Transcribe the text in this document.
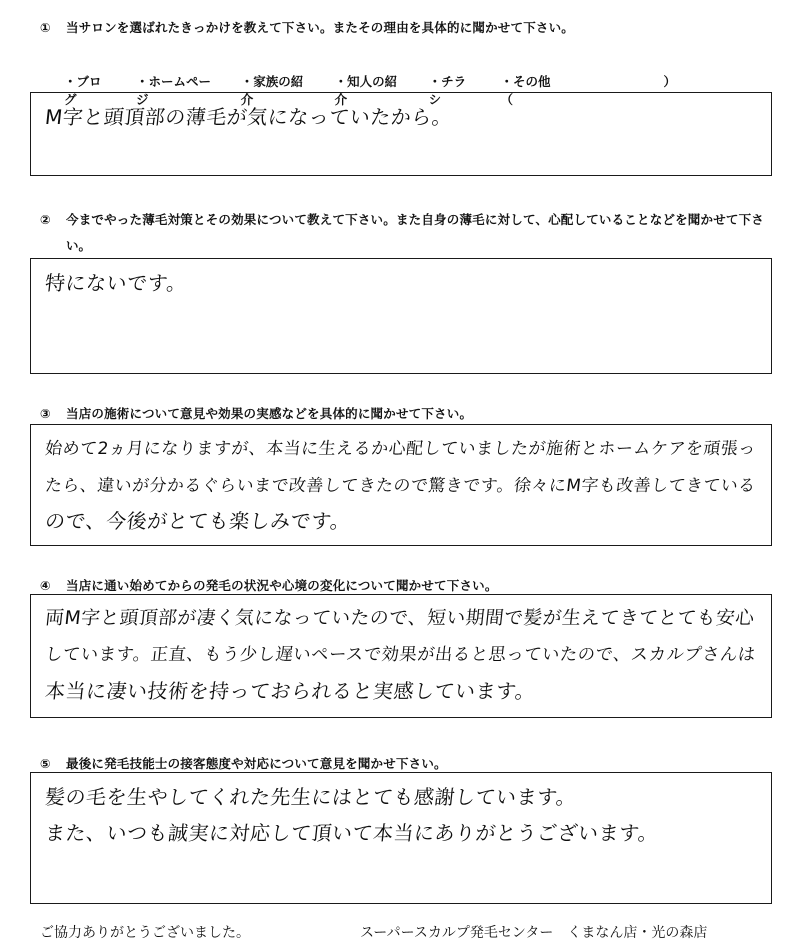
① 当サロンを選ばれたきっかけを教えて下さい。またその理由を具体的に聞かせて下さい。
・ブログ
・ホームページ
・家族の紹介
・知人の紹介
・チラシ
・その他（
）
M字と頭頂部の薄毛が気になっていたから。
② 今までやった薄毛対策とその効果について教えて下さい。また自身の薄毛に対して、心配していることなどを聞かせて下さ
い。
特にないです。
③ 当店の施術について意見や効果の実感などを具体的に聞かせて下さい。
始めて2ヵ月になりますが、本当に生えるか心配していましたが施術とホームケアを頑張っ
たら、違いが分かるぐらいまで改善してきたので驚きです。徐々にM字も改善してきている
ので、今後がとても楽しみです。
④ 当店に通い始めてからの発毛の状況や心境の変化について聞かせて下さい。
両M字と頭頂部が凄く気になっていたので、短い期間で髪が生えてきてとても安心
しています。正直、もう少し遅いペースで効果が出ると思っていたので、スカルプさんは
本当に凄い技術を持っておられると実感しています。
⑤ 最後に発毛技能士の接客態度や対応について意見を聞かせ下さい。
髪の毛を生やしてくれた先生にはとても感謝しています。
また、いつも誠実に対応して頂いて本当にありがとうございます。
ご協力ありがとうございました。	スーパースカルプ発毛センター　くまなん店・光の森店
